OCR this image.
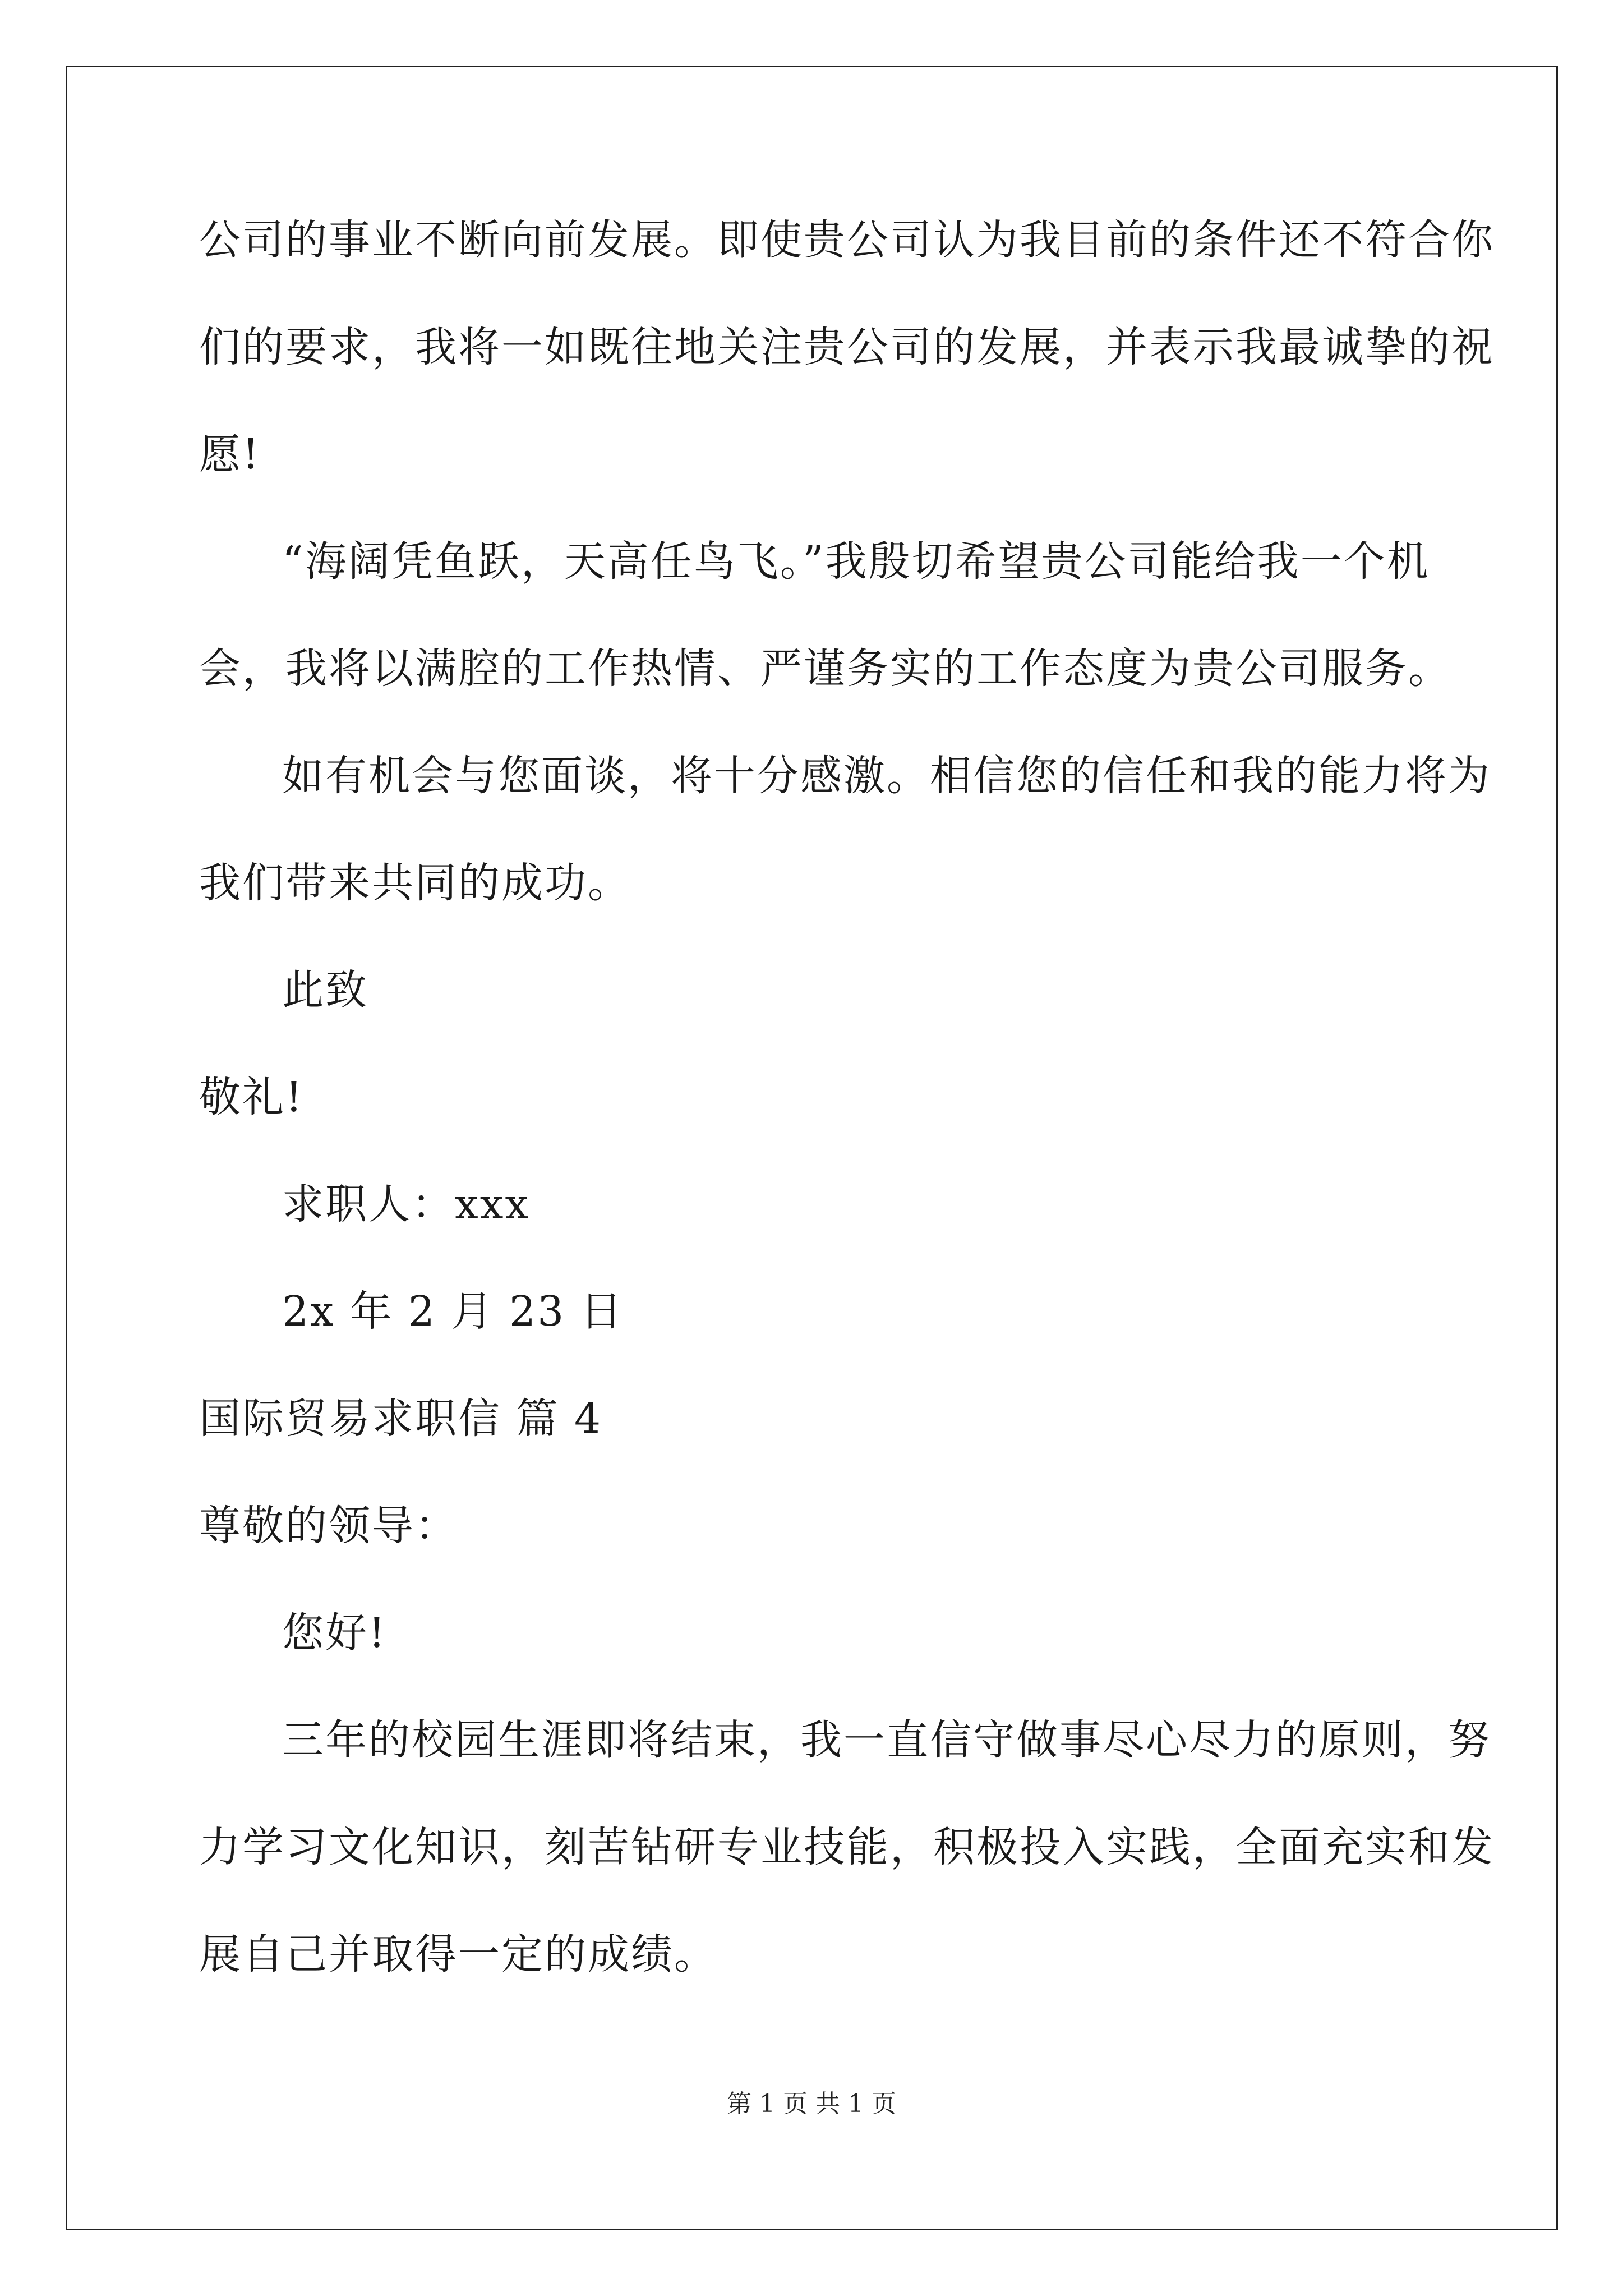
公司的事业不断向前发展。即使贵公司认为我目前的条件还不符合你
们的要求，我将一如既往地关注贵公司的发展，并表示我最诚挚的祝
愿!
“海阔凭鱼跃，天高任鸟飞。”我殷切希望贵公司能给我一个机
会，我将以满腔的工作热情、严谨务实的工作态度为贵公司服务。
如有机会与您面谈，将十分感激。相信您的信任和我的能力将为
我们带来共同的成功。
此致
敬礼!
求职人：xxx
2x 年 2 月 23 日
国际贸易求职信 篇 4
尊敬的领导：
您好!
三年的校园生涯即将结束，我一直信守做事尽心尽力的原则，努
力学习文化知识，刻苦钻研专业技能，积极投入实践，全面充实和发
展自己并取得一定的成绩。
第 1 页 共 1 页
